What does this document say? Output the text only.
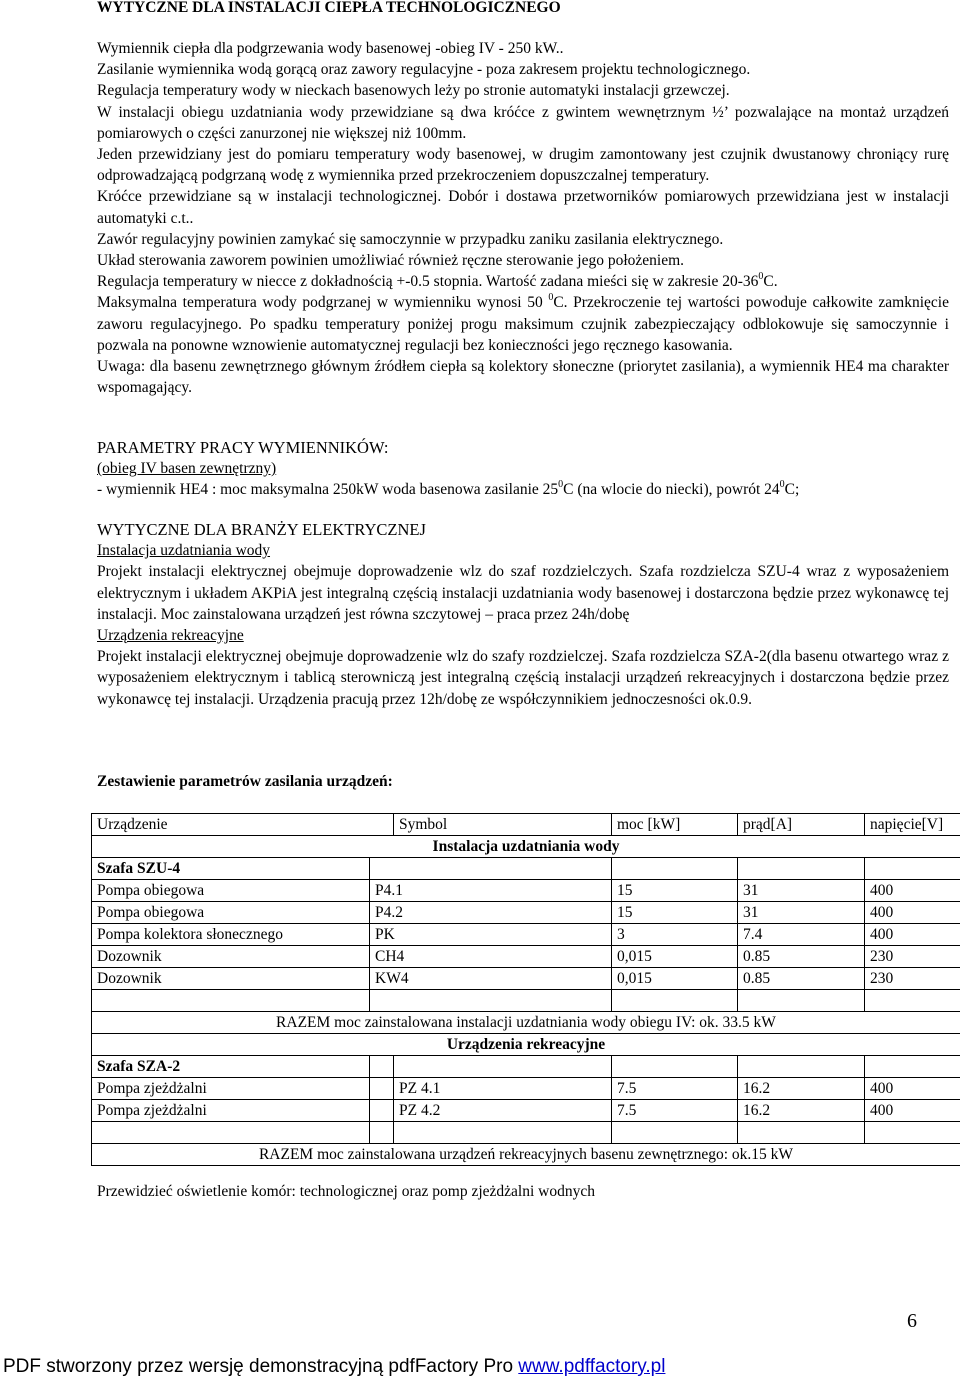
WYTYCZNE DLA INSTALACJI CIEPŁA TECHNOLOGICZNEGO

Wymiennik ciepła dla podgrzewania wody basenowej -obieg IV - 250 kW..

Zasilanie wymiennika wodą gorącą oraz zawory regulacyjne - poza zakresem projektu technologicznego.

Regulacja temperatury wody w nieckach basenowych leży po stronie automatyki instalacji grzewczej.

W instalacji obiegu uzdatniania wody przewidziane są dwa króćce z gwintem wewnętrznym ½’ pozwalające na montaż urządzeń pomiarowych o części zanurzonej nie większej niż 100mm.

Jeden przewidziany jest do pomiaru temperatury wody basenowej, w drugim zamontowany jest czujnik dwustanowy chroniący rurę odprowadzającą podgrzaną wodę z wymiennika przed przekroczeniem dopuszczalnej temperatury.

Króćce przewidziane są w instalacji technologicznej. Dobór i dostawa przetworników pomiarowych przewidziana jest w instalacji automatyki c.t..

Zawór regulacyjny powinien zamykać się samoczynnie w przypadku zaniku zasilania elektrycznego.

Układ sterowania zaworem powinien umożliwiać również ręczne sterowanie jego położeniem.

Regulacja temperatury w niecce z dokładnością +-0.5 stopnia. Wartość zadana mieści się w zakresie $20-36^0C$.

Maksymalna temperatura wody podgrzanej w wymienniku wynosi 50 $^0$C. Przekroczenie tej wartości powoduje całkowite zamknięcie zaworu regulacyjnego. Po spadku temperatury poniżej progu maksimum czujnik zabezpieczający odblokowuje się samoczynnie i pozwala na ponowne wznowienie automatycznej regulacji bez konieczności jego ręcznego kasowania.

Uwaga: dla basenu zewnętrznego głównym źródłem ciepła są kolektory słoneczne (priorytet zasilania), a wymiennik HE4 ma charakter wspomagający.

PARAMETRY PRACY WYMIENNIKÓW:

(obieg IV basen zewnętrzny)

- wymiennik HE4 : moc maksymalna 250kW woda basenowa zasilanie $25^0C$ (na wlocie do niecki), powrót $24^0C$;

WYTYCZNE DLA BRANŻY ELEKTRYCZNEJ

Instalacja uzdatniania wody

Projekt instalacji elektrycznej obejmuje doprowadzenie wlz do szaf rozdzielczych. Szafa rozdzielcza SZU-4 wraz z wyposażeniem elektrycznym i układem AKPiA jest integralną częścią instalacji uzdatniania wody basenowej i dostarczona będzie przez wykonawcę tej instalacji. Moc zainstalowana urządzeń jest równa szczytowej – praca przez 24h/dobę

Urządzenia rekreacyjne

Projekt instalacji elektrycznej obejmuje doprowadzenie wlz do szafy rozdzielczej. Szafa rozdzielcza SZA-2(dla basenu otwartego wraz z wyposażeniem elektrycznym i tablicą sterowniczą jest integralną częścią instalacji urządzeń rekreacyjnych i dostarczona będzie przez wykonawcę tej instalacji. Urządzenia pracują przez 12h/dobę ze współczynnikiem jednoczesności ok.0.9.

Zestawienie parametrów zasilania urządzeń:

Urządzenie		Symbol	moc [kW]	prąd[A]	napięcie[V]
Instalacja uzdatniania wody					
Szafa SZU-4					
Pompa obiegowa	P4.1		15	31	400
Pompa obiegowa	P4.2		15	31	400
Pompa kolektora słonecznego	PK		3	7.4	400
Dozownik	CH4		0,015	0.85	230
Dozownik	KW4		0,015	0.85	230

RAZEM moc zainstalowana instalacji uzdatniania wody obiegu IV: ok. 33.5 kW					
Urządzenia rekreacyjne					
Szafa SZA-2					
Pompa zjeżdżalni		PZ 4.1	7.5	16.2	400
Pompa zjeżdżalni		PZ 4.2	7.5	16.2	400

RAZEM moc zainstalowana urządzeń rekreacyjnych basenu zewnętrznego: ok.15 kW					
Przewidzieć oświetlenie komór: technologicznej oraz pomp zjeżdżalni wodnych
6
PDF stworzony przez wersję demonstracyjną pdfFactory Pro www.pdffactory.pl
